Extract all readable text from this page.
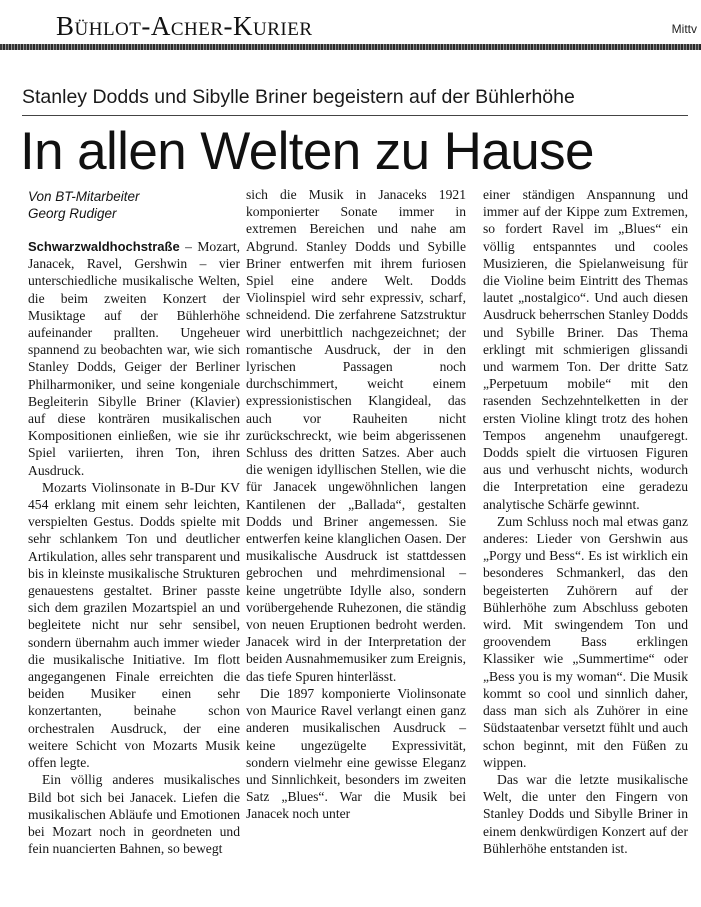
Bühlot-Acher-Kurier	Mittv
Stanley Dodds und Sibylle Briner begeistern auf der Bühlerhöhe
In allen Welten zu Hause
Von BT-Mitarbeiter
Georg Rudiger

Schwarzwaldhochstraße – Mozart, Janacek, Ravel, Gershwin – vier unterschiedliche musikalische Welten, die beim zweiten Konzert der Musiktage auf der Bühlerhöhe aufeinander prallten. Ungeheuer spannend zu beobachten war, wie sich Stanley Dodds, Geiger der Berliner Philharmoniker, und seine kongeniale Begleiterin Sibylle Briner (Klavier) auf diese konträren musikalischen Kompositionen einließen, wie sie ihr Spiel variierten, ihren Ton, ihren Ausdruck.

Mozarts Violinsonate in B-Dur KV 454 erklang mit einem sehr leichten, verspielten Gestus. Dodds spielte mit sehr schlankem Ton und deutlicher Artikulation, alles sehr transparent und bis in kleinste musikalische Strukturen genauestens gestaltet. Briner passte sich dem grazilen Mozartspiel an und begleitete nicht nur sehr sensibel, sondern übernahm auch immer wieder die musikalische Initiative. Im flott angegangenen Finale erreichten die beiden Musiker einen sehr konzertanten, beinahe schon orchestralen Ausdruck, der eine weitere Schicht von Mozarts Musik offen legte.

Ein völlig anderes musikalisches Bild bot sich bei Janacek. Liefen die musikalischen Abläufe und Emotionen bei Mozart noch in geordneten und fein nuancierten Bahnen, so bewegt

sich die Musik in Janaceks 1921 komponierter Sonate immer in extremen Bereichen und nahe am Abgrund. Stanley Dodds und Sybille Briner entwerfen mit ihrem furiosen Spiel eine andere Welt. Dodds Violinspiel wird sehr expressiv, scharf, schneidend. Die zerfahrene Satzstruktur wird unerbittlich nachgezeichnet; der romantische Ausdruck, der in den lyrischen Passagen noch durchschimmert, weicht einem expressionistischen Klangideal, das auch vor Rauheiten nicht zurückschreckt, wie beim abgerissenen Schluss des dritten Satzes. Aber auch die wenigen idyllischen Stellen, wie die für Janacek ungewöhnlichen langen Kantilenen der „Ballada“, gestalten Dodds und Briner angemessen. Sie entwerfen keine klanglichen Oasen. Der musikalische Ausdruck ist stattdessen gebrochen und mehrdimensional – keine ungetrübte Idylle also, sondern vorübergehende Ruhezonen, die ständig von neuen Eruptionen bedroht werden. Janacek wird in der Interpretation der beiden Ausnahmemusiker zum Ereignis, das tiefe Spuren hinterlässt.

Die 1897 komponierte Violinsonate von Maurice Ravel verlangt einen ganz anderen musikalischen Ausdruck – keine ungezügelte Expressivität, sondern vielmehr eine gewisse Eleganz und Sinnlichkeit, besonders im zweiten Satz „Blues“. War die Musik bei Janacek noch unter

einer ständigen Anspannung und immer auf der Kippe zum Extremen, so fordert Ravel im „Blues“ ein völlig entspanntes und cooles Musizieren, die Spielanweisung für die Violine beim Eintritt des Themas lautet „nostalgico“. Und auch diesen Ausdruck beherrschen Stanley Dodds und Sybille Briner. Das Thema erklingt mit schmierigen glissandi und warmem Ton. Der dritte Satz „Perpetuum mobile“ mit den rasenden Sechzehntelketten in der ersten Violine klingt trotz des hohen Tempos angenehm unaufgeregt. Dodds spielt die virtuosen Figuren aus und verhuscht nichts, wodurch die Interpretation eine geradezu analytische Schärfe gewinnt.

Zum Schluss noch mal etwas ganz anderes: Lieder von Gershwin aus „Porgy und Bess“. Es ist wirklich ein besonderes Schmankerl, das den begeisterten Zuhörern auf der Bühlerhöhe zum Abschluss geboten wird. Mit swingendem Ton und groovendem Bass erklingen Klassiker wie „Summertime“ oder „Bess you is my woman“. Die Musik kommt so cool und sinnlich daher, dass man sich als Zuhörer in eine Südstaatenbar versetzt fühlt und auch schon beginnt, mit den Füßen zu wippen.

Das war die letzte musikalische Welt, die unter den Fingern von Stanley Dodds und Sibylle Briner in einem denkwürdigen Konzert auf der Bühlerhöhe entstanden ist.
